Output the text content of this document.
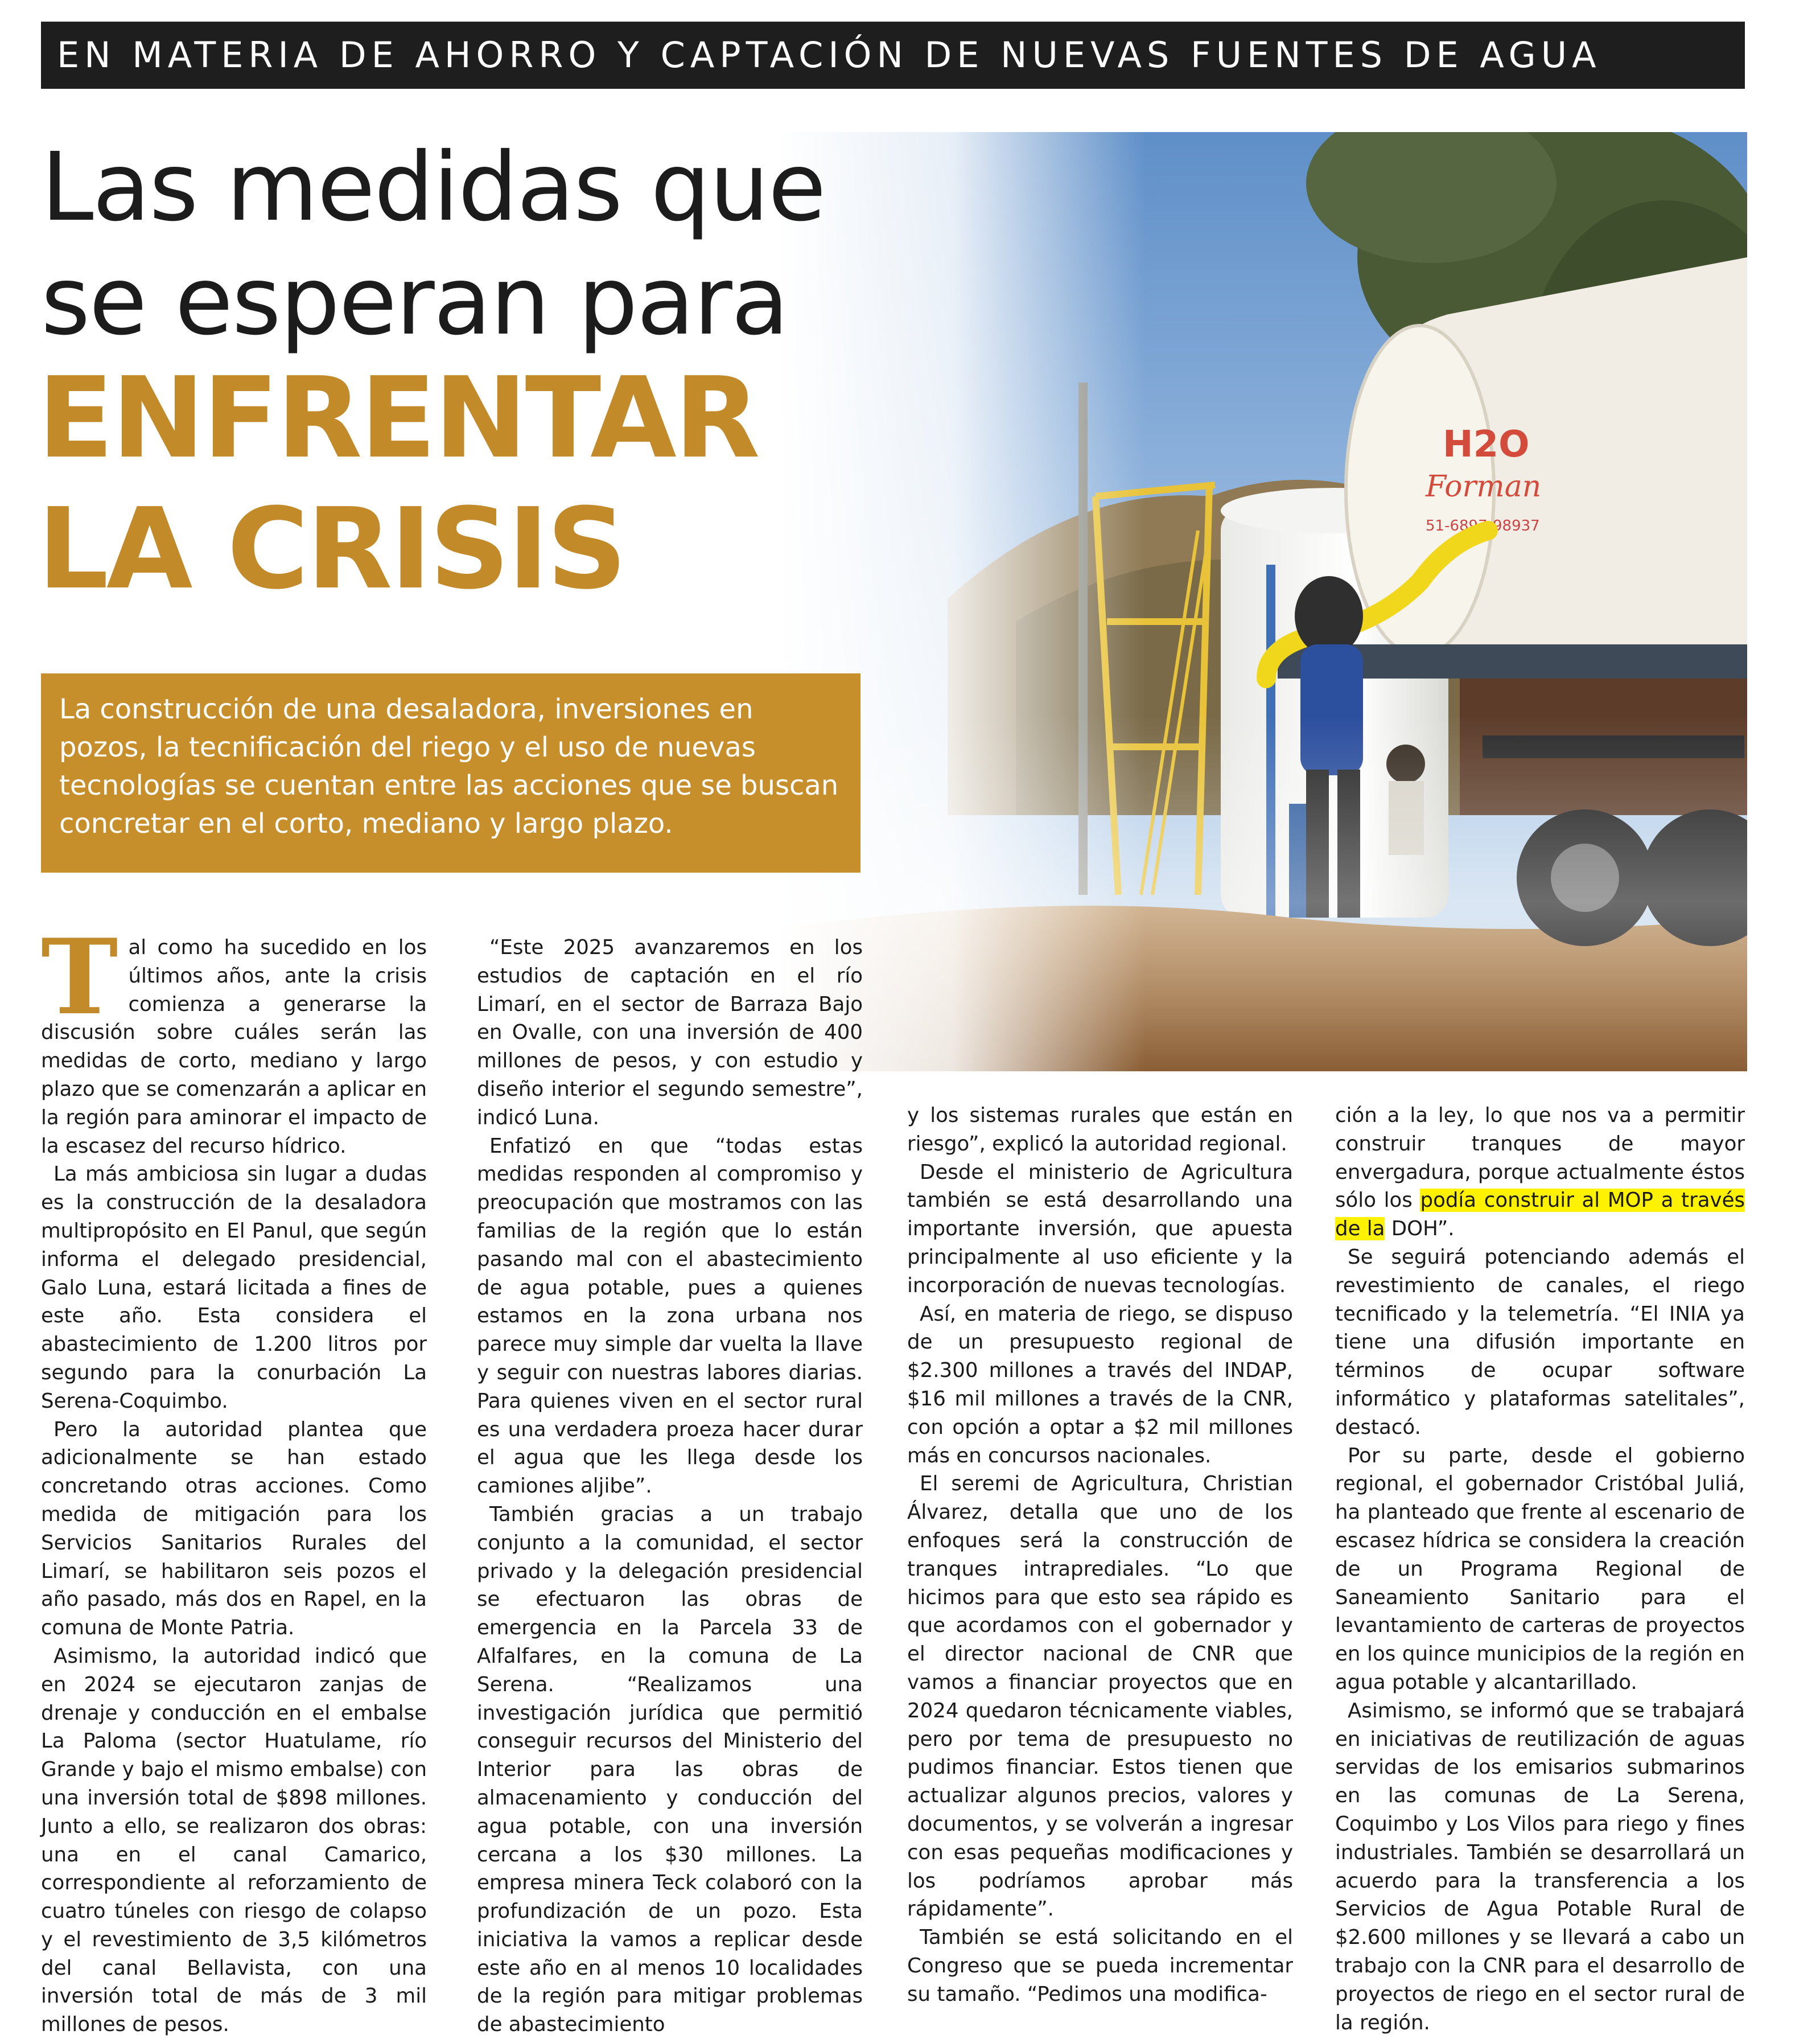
EN MATERIA DE AHORRO Y CAPTACIÓN DE NUEVAS FUENTES DE AGUA
Las medidas que
se esperan para
ENFRENTAR
LA CRISIS
La construcción de una desaladora, inversiones en pozos, la tecnificación del riego y el uso de nuevas tecnologías se cuentan entre las acciones que se buscan concretar en el corto, mediano y largo plazo.
T al como ha sucedido en los últimos años, ante la crisis comienza a generarse la discusión sobre cuáles serán las medidas de corto, mediano y largo plazo que se comenzarán a aplicar en la región para aminorar el impacto de la escasez del recurso hídrico.

La más ambiciosa sin lugar a dudas es la construcción de la desaladora multipropósito en El Panul, que según informa el delegado presidencial, Galo Luna, estará licitada a fines de este año. Esta considera el abastecimiento de 1.200 litros por segundo para la conurbación La Serena-Coquimbo.

Pero la autoridad plantea que adicionalmente se han estado concretando otras acciones. Como medida de mitigación para los Servicios Sanitarios Rurales del Limarí, se habilitaron seis pozos el año pasado, más dos en Rapel, en la comuna de Monte Patria.

Asimismo, la autoridad indicó que en 2024 se ejecutaron zanjas de drenaje y conducción en el embalse La Paloma (sector Huatulame, río Grande y bajo el mismo embalse) con una inversión total de $898 millones. Junto a ello, se realizaron dos obras: una en el canal Camarico, correspondiente al reforzamiento de cuatro túneles con riesgo de colapso y el revestimiento de 3,5 kilómetros del canal Bellavista, con una inversión total de más de 3 mil millones de pesos.

“Este 2025 avanzaremos en los estudios de captación en el río Limarí, en el sector de Barraza Bajo en Ovalle, con una inversión de 400 millones de pesos, y con estudio y diseño interior el segundo semestre”, indicó Luna.

Enfatizó en que “todas estas medidas responden al compromiso y preocupación que mostramos con las familias de la región que lo están pasando mal con el abastecimiento de agua potable, pues a quienes estamos en la zona urbana nos parece muy simple dar vuelta la llave y seguir con nuestras labores diarias. Para quienes viven en el sector rural es una verdadera proeza hacer durar el agua que les llega desde los camiones aljibe”.

También gracias a un trabajo conjunto a la comunidad, el sector privado y la delegación presidencial se efectuaron las obras de emergencia en la Parcela 33 de Alfalfares, en la comuna de La Serena. “Realizamos una investigación jurídica que permitió conseguir recursos del Ministerio del Interior para las obras de almacenamiento y conducción del agua potable, con una inversión cercana a los $30 millones. La empresa minera Teck colaboró con la profundización de un pozo. Esta iniciativa la vamos a replicar desde este año en al menos 10 localidades de la región para mitigar problemas de abastecimiento

y los sistemas rurales que están en riesgo”, explicó la autoridad regional.

Desde el ministerio de Agricultura también se está desarrollando una importante inversión, que apuesta principalmente al uso eficiente y la incorporación de nuevas tecnologías.

Así, en materia de riego, se dispuso de un presupuesto regional de $2.300 millones a través del INDAP, $16 mil millones a través de la CNR, con opción a optar a $2 mil millones más en concursos nacionales.

El seremi de Agricultura, Christian Álvarez, detalla que uno de los enfoques será la construcción de tranques intraprediales. “Lo que hicimos para que esto sea rápido es que acordamos con el gobernador y el director nacional de CNR que vamos a financiar proyectos que en 2024 quedaron técnicamente viables, pero por tema de presupuesto no pudimos financiar. Estos tienen que actualizar algunos precios, valores y documentos, y se volverán a ingresar con esas pequeñas modificaciones y los podríamos aprobar más rápidamente”.

También se está solicitando en el Congreso que se pueda incrementar su tamaño. “Pedimos una modifica-

ción a la ley, lo que nos va a permitir construir tranques de mayor envergadura, porque actualmente éstos sólo los podía construir al MOP a través de la DOH”.

Se seguirá potenciando además el revestimiento de canales, el riego tecnificado y la telemetría. “El INIA ya tiene una difusión importante en términos de ocupar software informático y plataformas satelitales”, destacó.

Por su parte, desde el gobierno regional, el gobernador Cristóbal Juliá, ha planteado que frente al escenario de escasez hídrica se considera la creación de un Programa Regional de Saneamiento Sanitario para el levantamiento de carteras de proyectos en los quince municipios de la región en agua potable y alcantarillado.

Asimismo, se informó que se trabajará en iniciativas de reutilización de aguas servidas de los emisarios submarinos en las comunas de La Serena, Coquimbo y Los Vilos para riego y fines industriales. También se desarrollará un acuerdo para la transferencia a los Servicios de Agua Potable Rural de $2.600 millones y se llevará a cabo un trabajo con la CNR para el desarrollo de proyectos de riego en el sector rural de la región.
